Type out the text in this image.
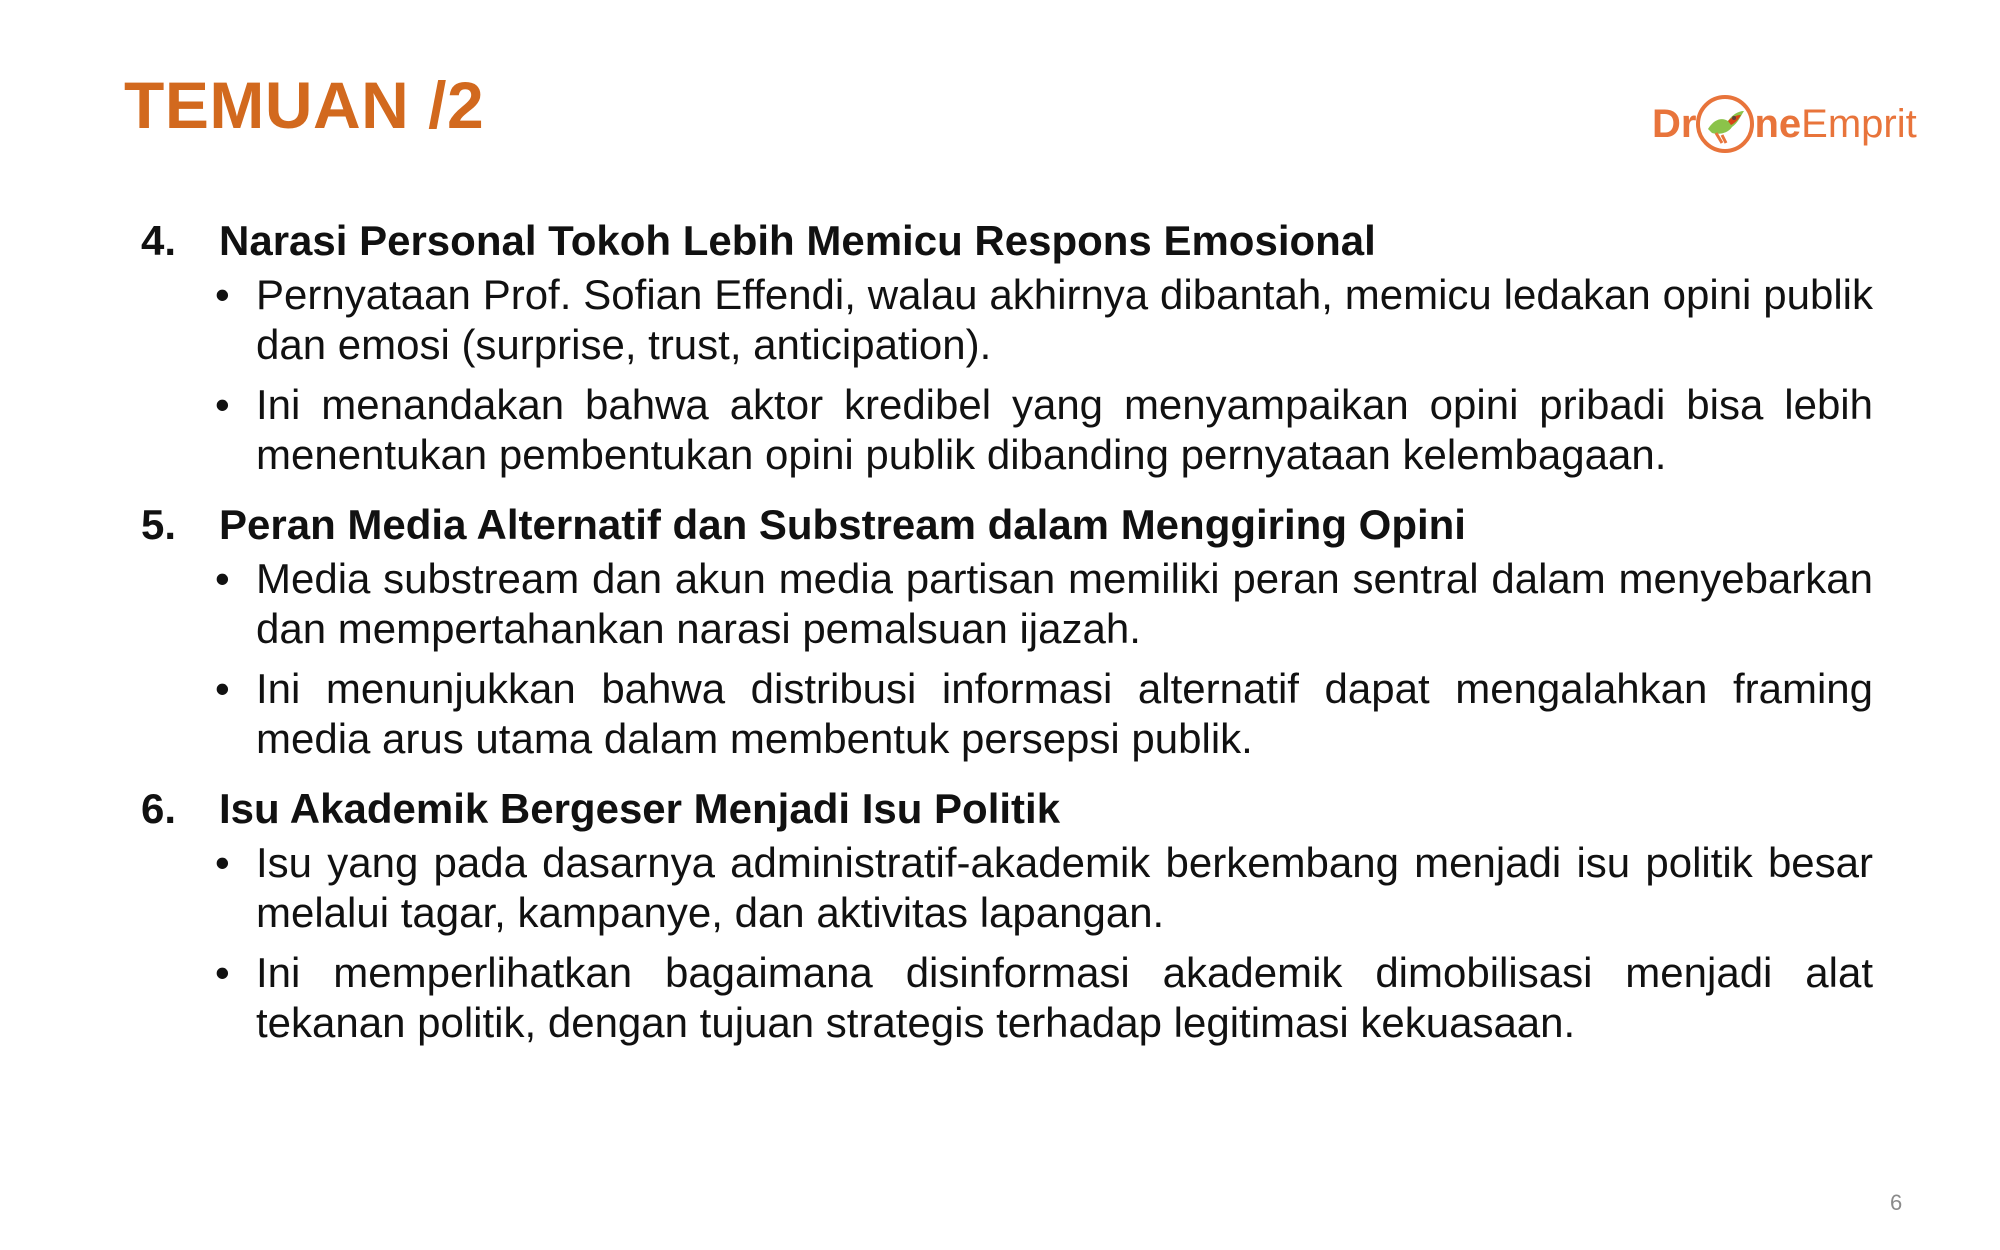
TEMUAN /2	Dr ne Emprit
4.	Narasi Personal Tokoh Lebih Memicu Respons Emosional
• Pernyataan Prof. Sofian Effendi, walau akhirnya dibantah, memicu ledakan opini publik dan emosi (surprise, trust, anticipation).
• Ini menandakan bahwa aktor kredibel yang menyampaikan opini pribadi bisa lebih menentukan pembentukan opini publik dibanding pernyataan kelembagaan.
5.	Peran Media Alternatif dan Substream dalam Menggiring Opini
• Media substream dan akun media partisan memiliki peran sentral dalam menyebarkan dan mempertahankan narasi pemalsuan ijazah.
• Ini menunjukkan bahwa distribusi informasi alternatif dapat mengalahkan framing media arus utama dalam membentuk persepsi publik.
6.	Isu Akademik Bergeser Menjadi Isu Politik
• Isu yang pada dasarnya administratif-akademik berkembang menjadi isu politik besar melalui tagar, kampanye, dan aktivitas lapangan.
• Ini memperlihatkan bagaimana disinformasi akademik dimobilisasi menjadi alat tekanan politik, dengan tujuan strategis terhadap legitimasi kekuasaan.
6
